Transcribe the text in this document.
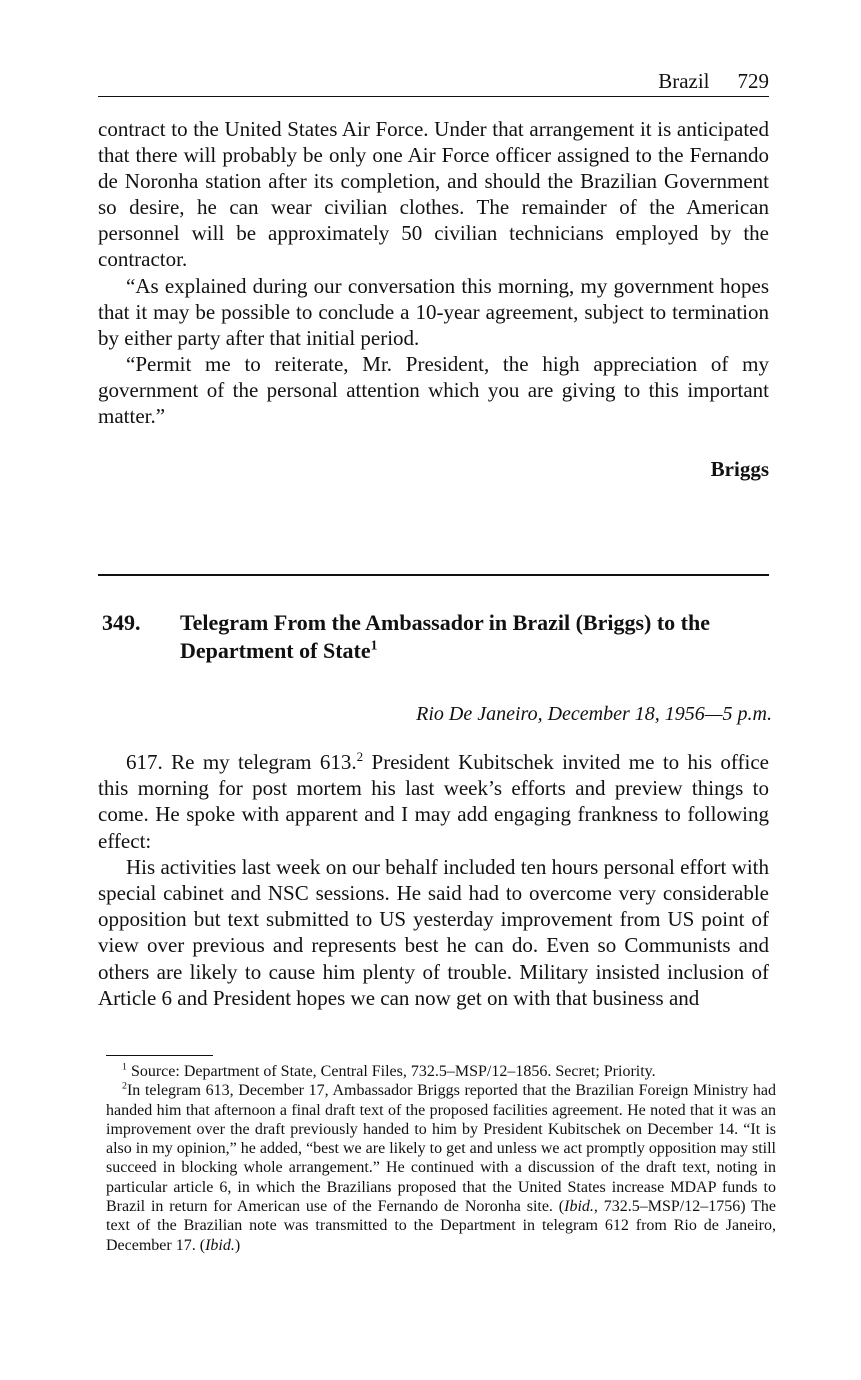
Brazil 729

contract to the United States Air Force. Under that arrangement it is anticipated that there will probably be only one Air Force officer assigned to the Fernando de Noronha station after its completion, and should the Brazilian Government so desire, he can wear civilian clothes. The remainder of the American personnel will be approximately 50 civilian technicians employed by the contractor.

“As explained during our conversation this morning, my government hopes that it may be possible to conclude a 10-year agreement, subject to termination by either party after that initial period.

“Permit me to reiterate, Mr. President, the high appreciation of my government of the personal attention which you are giving to this important matter.”

Briggs
349. Telegram From the Ambassador in Brazil (Briggs) to the Department of State$^1$
Rio De Janeiro, December 18, 1956—5 p.m.

617. Re my telegram 613.$^2$ President Kubitschek invited me to his office this morning for post mortem his last week’s efforts and preview things to come. He spoke with apparent and I may add engaging frankness to following effect:

His activities last week on our behalf included ten hours personal effort with special cabinet and NSC sessions. He said had to overcome very considerable opposition but text submitted to US yesterday improvement from US point of view over previous and represents best he can do. Even so Communists and others are likely to cause him plenty of trouble. Military insisted inclusion of Article 6 and President hopes we can now get on with that business and

$^1$ Source: Department of State, Central Files, 732.5–MSP/12–1856. Secret; Priority.

$^2$In telegram 613, December 17, Ambassador Briggs reported that the Brazilian Foreign Ministry had handed him that afternoon a final draft text of the proposed facilities agreement. He noted that it was an improvement over the draft previously handed to him by President Kubitschek on December 14. “It is also in my opinion,” he added, “best we are likely to get and unless we act promptly opposition may still succeed in blocking whole arrangement.” He continued with a discussion of the draft text, noting in particular article 6, in which the Brazilians proposed that the United States increase MDAP funds to Brazil in return for American use of the Fernando de Noronha site. (Ibid., 732.5–MSP/12–1756) The text of the Brazilian note was transmitted to the Department in telegram 612 from Rio de Janeiro, December 17. (Ibid.)
